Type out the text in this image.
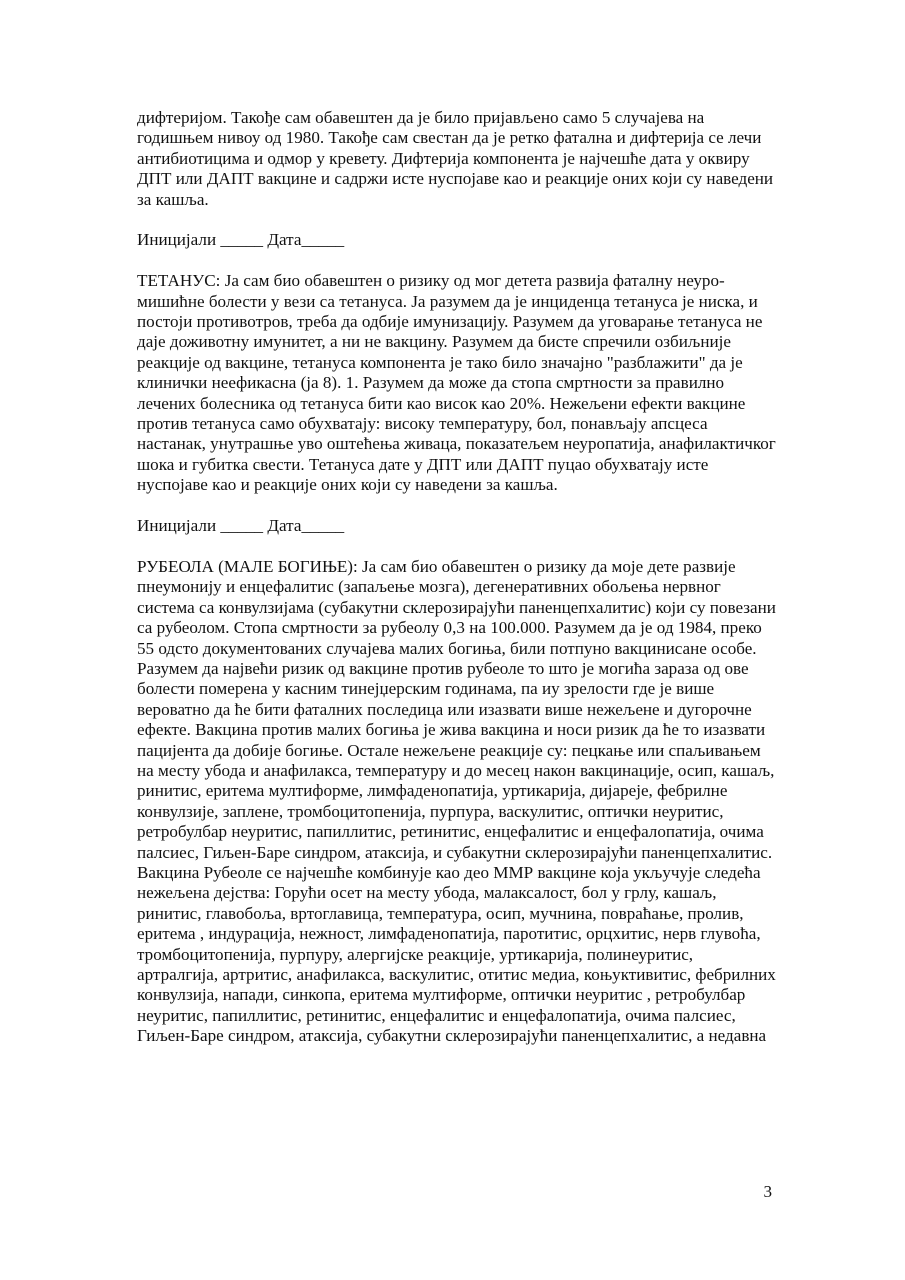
дифтеријом. Такође сам обавештен да је било пријављено само 5 случајева на годишњем нивоу од 1980. Такође сам свестан да је ретко фатална и дифтерија се лечи антибиотицима и одмор у кревету. Дифтерија компонента је најчешће дата у оквиру ДПТ или ДАПТ вакцине и садржи исте нуспојаве као и реакције оних који су наведени за кашља.

Иницијали _____ Дата_____

ТЕТАНУС: Ја сам био обавештен о ризику од мог детета развија фаталну неуро-мишићне болести у вези са тетануса. Ја разумем да је инциденца тетануса је ниска, и постоји противотров, треба да одбије имунизацију. Разумем да уговарање тетануса не даје доживотну имунитет, а ни не вакцину. Разумем да бисте спречили озбиљније реакције од вакцине, тетануса компонента је тако било значајно "разблажити" да је клинички неефикасна (ја 8). 1. Разумем да може да стопа смртности за правилно лечених болесника од тетануса бити као висок као 20%. Нежељени ефекти вакцине против тетануса само обухватају: високу температуру, бол, понављају апсцеса настанак, унутрашње уво оштећења живаца, показатељем неуропатија, анафилактичког шока и губитка свести. Тетануса дате у ДПТ или ДАПТ пуцао обухватају исте нуспојаве као и реакције оних који су наведени за кашља.

Иницијали _____ Дата_____

РУБЕОЛА (МАЛЕ БОГИЊЕ): Ја сам био обавештен о ризику да моје дете развије пнеумонију и енцефалитис (запаљење мозга), дегенеративних обољења нервног система са конвулзијама (субакутни склерозирајући паненцепхалитис) који су повезани са рубеолом. Стопа смртности за рубеолу 0,3 на 100.000. Разумем да је од 1984, преко 55 одсто документованих случајева малих богиња, били потпуно вакцинисане особе. Разумем да највећи ризик од вакцине против рубеоле то што је могића зараза од ове болести померена у касним тинејџерским годинама, па иу зрелости где је више вероватно да ће бити фаталних последица или изазвати више нежељене и дугорочне ефекте. Вакцина против малих богиња је жива вакцина и носи ризик да ће то изазвати пацијента да добије богиње. Остале нежељене реакције су: пецкање или спаљивањем на месту убода и анафилакса, температуру и до месец након вакцинације, осип, кашаљ, ринитис, еритема мултиформе, лимфаденопатија, уртикарија, дијареје, фебрилне конвулзије, заплене, тромбоцитопенија, пурпура, васкулитис, оптички неуритис, ретробулбар неуритис, папиллитис, ретинитис, енцефалитис и енцефалопатија, очима палсиес, Гиљен-Баре синдром, атаксија, и субакутни склерозирајући паненцепхалитис.

Вакцина Рубеоле се најчешће комбинује као део ММР вакцине која укључује следећа нежељена дејства: Горући осет на месту убода, малаксалост, бол у грлу, кашаљ, ринитис, главобоља, вртоглавица, температура, осип, мучнина, повраћање, пролив, еритема , индурација, нежност, лимфаденопатија, паротитис, орцхитис, нерв глувоћа, тромбоцитопенија, пурпуру, алергијске реакције, уртикарија, полинеуритис, артралгија, артритис, анафилакса, васкулитис, отитис медиа, коњуктивитис, фебрилних конвулзија, напади, синкопа, еритема мултиформе, оптички неуритис , ретробулбар неуритис, папиллитис, ретинитис, енцефалитис и енцефалопатија, очима палсиес, Гиљен-Баре синдром, атаксија, субакутни склерозирајући паненцепхалитис, а недавна

3
